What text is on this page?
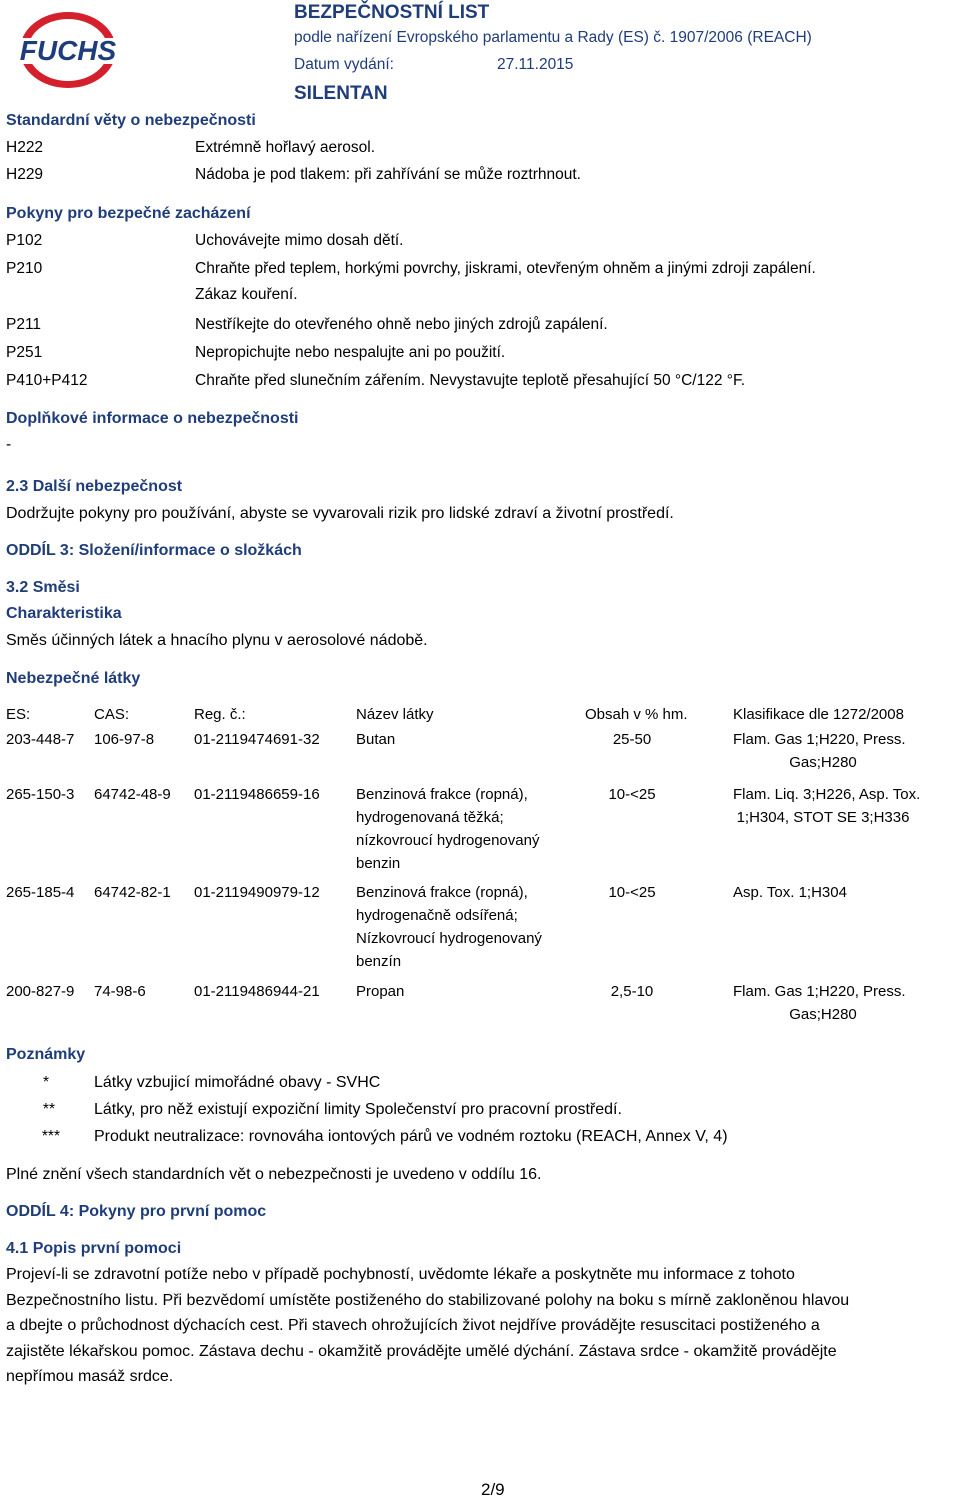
FUCHS
BEZPEČNOSTNÍ LIST
podle nařízení Evropského parlamentu a Rady (ES) č. 1907/2006 (REACH)
Datum vydání:	27.11.2015
SILENTAN
Standardní věty o nebezpečnosti
H222	Extrémně hořlavý aerosol.
H229	Nádoba je pod tlakem: při zahřívání se může roztrhnout.
Pokyny pro bezpečné zacházení
P102	Uchovávejte mimo dosah dětí.
P210	Chraňte před teplem, horkými povrchy, jiskrami, otevřeným ohněm a jinými zdroji zapálení.
Zákaz kouření.
P211	Nestříkejte do otevřeného ohně nebo jiných zdrojů zapálení.
P251	Nepropichujte nebo nespalujte ani po použití.
P410+P412	Chraňte před slunečním zářením. Nevystavujte teplotě přesahující 50 °C/122 °F.
Doplňkové informace o nebezpečnosti
-
2.3 Další nebezpečnost
Dodržujte pokyny pro používání, abyste se vyvarovali rizik pro lidské zdraví a životní prostředí.
ODDÍL 3: Složení/informace o složkách
3.2 Směsi
Charakteristika
Směs účinných látek a hnacího plynu v aerosolové nádobě.
Nebezpečné látky
ES:	CAS:	Reg. č.:	Název látky	Obsah v % hm.	Klasifikace dle 1272/2008
203-448-7 106-97-8	01-2119474691-32 Butan	25-50	Flam. Gas 1;H220, Press.
Gas;H280
265-150-3 64742-48-9 01-2119486659-16 Benzinová frakce (ropná),
hydrogenovaná těžká;
nízkovroucí hydrogenovaný
benzin
10-<25	Flam. Liq. 3;H226, Asp. Tox.
1;H304, STOT SE 3;H336
265-185-4 64742-82-1 01-2119490979-12 Benzinová frakce (ropná),
hydrogenačně odsířená;
Nízkovroucí hydrogenovaný
benzín
10-<25	Asp. Tox. 1;H304
200-827-9 74-98-6	01-2119486944-21 Propan	2,5-10	Flam. Gas 1;H220, Press.
Gas;H280
Poznámky
*	Látky vzbujicí mimořádné obavy - SVHC
** Látky, pro něž existují expoziční limity Společenství pro pracovní prostředí.
*** Produkt neutralizace: rovnováha iontových párů ve vodném roztoku (REACH, Annex V, 4)
Plné znění všech standardních vět o nebezpečnosti je uvedeno v oddílu 16.
ODDÍL 4: Pokyny pro první pomoc
4.1 Popis první pomoci
Projeví-li se zdravotní potíže nebo v případě pochybností, uvědomte lékaře a poskytněte mu informace z tohoto
Bezpečnostního listu. Při bezvědomí umístěte postiženého do stabilizované polohy na boku s mírně zakloněnou hlavou
a dbejte o průchodnost dýchacích cest. Při stavech ohrožujících život nejdříve provádějte resuscitaci postiženého a
zajistěte lékařskou pomoc. Zástava dechu - okamžitě provádějte umělé dýchání. Zástava srdce - okamžitě provádějte
nepřímou masáž srdce.
2/9
